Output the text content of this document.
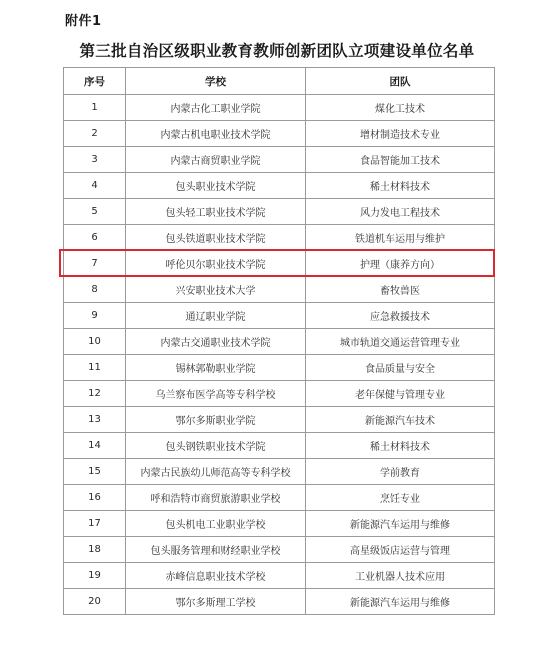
附件1
第三批自治区级职业教育教师创新团队立项建设单位名单
序号	学校	团队
1	内蒙古化工职业学院	煤化工技术
2	内蒙古机电职业技术学院	增材制造技术专业
3	内蒙古商贸职业学院	食品智能加工技术
4	包头职业技术学院	稀土材料技术
5	包头轻工职业技术学院	风力发电工程技术
6	包头铁道职业技术学院	铁道机车运用与维护
7	呼伦贝尔职业技术学院	护理（康养方向）
8	兴安职业技术大学	畜牧兽医
9	通辽职业学院	应急救援技术
10	内蒙古交通职业技术学院	城市轨道交通运营管理专业
11	锡林郭勒职业学院	食品质量与安全
12	乌兰察布医学高等专科学校	老年保健与管理专业
13	鄂尔多斯职业学院	新能源汽车技术
14	包头钢铁职业技术学院	稀土材料技术
15	内蒙古民族幼儿师范高等专科学校	学前教育
16	呼和浩特市商贸旅游职业学校	烹饪专业
17	包头机电工业职业学校	新能源汽车运用与维修
18	包头服务管理和财经职业学校	高星级饭店运营与管理
19	赤峰信息职业技术学校	工业机器人技术应用
20	鄂尔多斯理工学校	新能源汽车运用与维修
